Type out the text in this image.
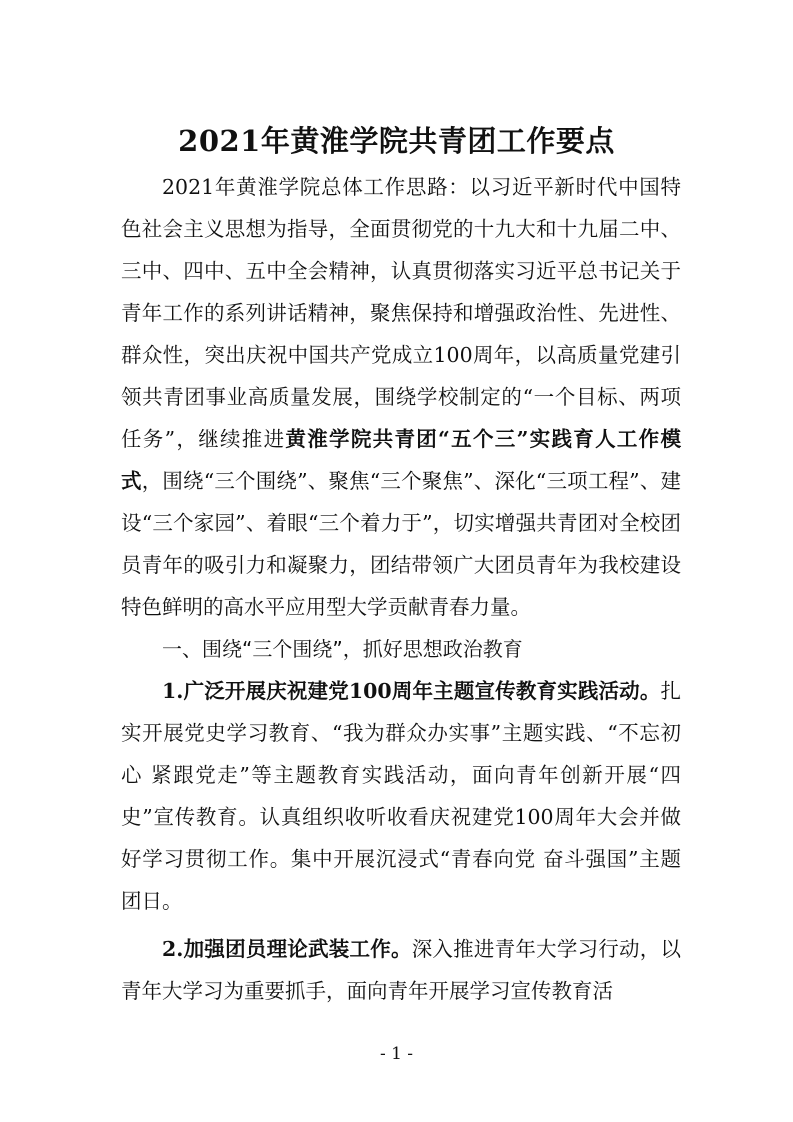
2021年黄淮学院共青团工作要点

2021年黄淮学院总体工作思路：以习近平新时代中国特色社会主义思想为指导，全面贯彻党的十九大和十九届二中、三中、四中、五中全会精神，认真贯彻落实习近平总书记关于青年工作的系列讲话精神，聚焦保持和增强政治性、先进性、群众性，突出庆祝中国共产党成立100周年，以高质量党建引领共青团事业高质量发展，围绕学校制定的“一个目标、两项任务”，继续推进黄淮学院共青团“五个三”实践育人工作模式，围绕“三个围绕”、聚焦“三个聚焦”、深化“三项工程”、建设“三个家园”、着眼“三个着力于”，切实增强共青团对全校团员青年的吸引力和凝聚力，团结带领广大团员青年为我校建设特色鲜明的高水平应用型大学贡献青春力量。

一、围绕“三个围绕”，抓好思想政治教育

1.广泛开展庆祝建党100周年主题宣传教育实践活动。扎实开展党史学习教育、“我为群众办实事”主题实践、“不忘初心 紧跟党走”等主题教育实践活动，面向青年创新开展“四史”宣传教育。认真组织收听收看庆祝建党100周年大会并做好学习贯彻工作。集中开展沉浸式“青春向党 奋斗强国”主题团日。

2.加强团员理论武装工作。深入推进青年大学习行动，以青年大学习为重要抓手，面向青年开展学习宣传教育活

- 1 -
